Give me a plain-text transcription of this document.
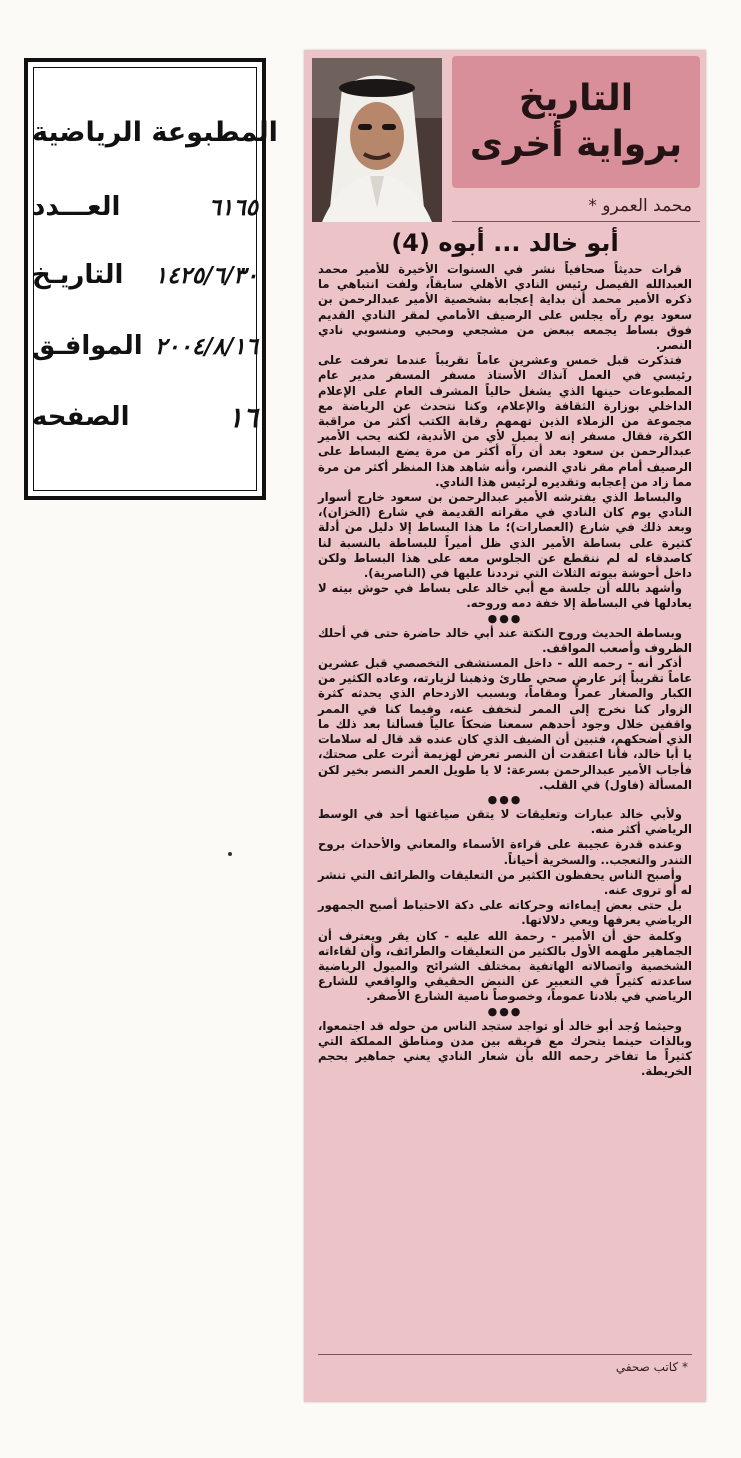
المطبوعة الرياضية
العـــدد	٦١٦٥
التاريـخ ١٤٢٥/٦/٣٠
الموافـق ٢٠٠٤/٨/١٦
الصفحه	١٦
التاريخ
برواية أخرى
محمد العمرو *
أبو خالد ... أبوه (4)

قرات حديثاً صحافياً نشر في السنوات الأخيرة للأمير محمد العبدالله الفيصل رئيس النادي الأهلي سابقاً، ولفت انتباهي ما ذكره الأمير محمد أن بداية إعجابه بشخصية الأمير عبدالرحمن بن سعود يوم رآه يجلس على الرصيف الأمامي لمقر النادي القديم فوق بساط يجمعه ببعض من مشجعي ومحبي ومنسوبي نادي النصر.

فتذكرت قبل خمس وعشرين عاماً تقريباً عندما تعرفت على رئيسي في العمل آنذاك الأستاذ مسفر المسفر مدير عام المطبوعات حينها الذي يشغل حالياً المشرف العام على الإعلام الداخلي بوزارة الثقافة والإعلام، وكنا نتحدث عن الرياضة مع مجموعة من الزملاء الذين تهمهم رقابة الكتب أكثر من مراقبة الكرة، فقال مسفر إنه لا يميل لأي من الأندية، لكنه يحب الأمير عبدالرحمن بن سعود بعد أن رآه أكثر من مرة يضع البساط على الرصيف أمام مقر نادي النصر، وأنه شاهد هذا المنظر أكثر من مرة مما زاد من إعجابه وتقديره لرئيس هذا النادي.

والبساط الذي يفترشه الأمير عبدالرحمن بن سعود خارج أسوار النادي يوم كان النادي في مقراته القديمة في شارع (الخزان)، وبعد ذلك في شارع (العصارات)؛ ما هذا البساط إلا دليل من أدلة كثيرة على بساطة الأمير الذي ظل أميراً للبساطة بالنسبة لنا كاصدقاء له لم ننقطع عن الجلوس معه على هذا البساط ولكن داخل أحوشة بيوته الثلاث التي ترددنا عليها في (الناصرية).

وأشهد بالله أن جلسة مع أبي خالد على بساط في حوش بيته لا يعادلها في البساطة إلا خفة دمه وروحه.

●●●

وبساطة الحديث وروح النكتة عند أبي خالد حاضرة حتى في أحلك الظروف وأصعب المواقف.

أذكر أنه - رحمه الله - داخل المستشفى التخصصي قبل عشرين عاماً تقريباً إثر عارض صحي طارئ وذهبنا لزيارته، وعاده الكثير من الكبار والصغار عمراً ومقاماً، وبسبب الازدحام الذي يحدثه كثرة الزوار كنا نخرج إلى الممر لنخفف عنه، وفيما كنا في الممر واقفين خلال وجود أحدهم سمعنا ضحكاً عالياً فسألنا بعد ذلك ما الذي أضحكهم، فتبين أن الضيف الذي كان عنده قد قال له سلامات يا أبا خالد، فأنا اعتقدت أن النصر تعرض لهزيمة أثرت على صحتك، فأجاب الأمير عبدالرحمن بسرعة: لا يا طويل العمر النصر بخير لكن المسألة (فاول) في القلب.

●●●

ولأبي خالد عبارات وتعليقات لا يتقن صياغتها أحد في الوسط الرياضي أكثر منه.

وعنده قدرة عجيبة على قراءة الأسماء والمعاني والأحداث بروح التندر والتعجب.. والسخرية أحياناً.

وأصبح الناس يحفظون الكثير من التعليقات والطرائف التي تنشر له أو تروى عنه.

بل حتى بعض إيماءاته وحركاته على دكة الاحتياط أصبح الجمهور الرياضي يعرفها ويعي دلالاتها.

وكلمة حق أن الأمير - رحمة الله عليه - كان يقر ويعترف أن الجماهير ملهمه الأول بالكثير من التعليقات والطرائف، وأن لقاءاته الشخصية واتصالاته الهاتفية بمختلف الشرائح والميول الرياضية ساعدته كثيراً في التعبير عن النبض الحقيقي والواقعي للشارع الرياضي في بلادنا عموماً، وخصوصاً ناصية الشارع الأصفر.

●●●

وحيثما وُجد أبو خالد أو تواجد ستجد الناس من حوله قد اجتمعوا، وبالذات حينما يتحرك مع فريقه بين مدن ومناطق المملكة التي كثيراً ما تفاخر رحمه الله بأن شعار النادي يعني جماهير بحجم الخريطة.

* كاتب صحفي
